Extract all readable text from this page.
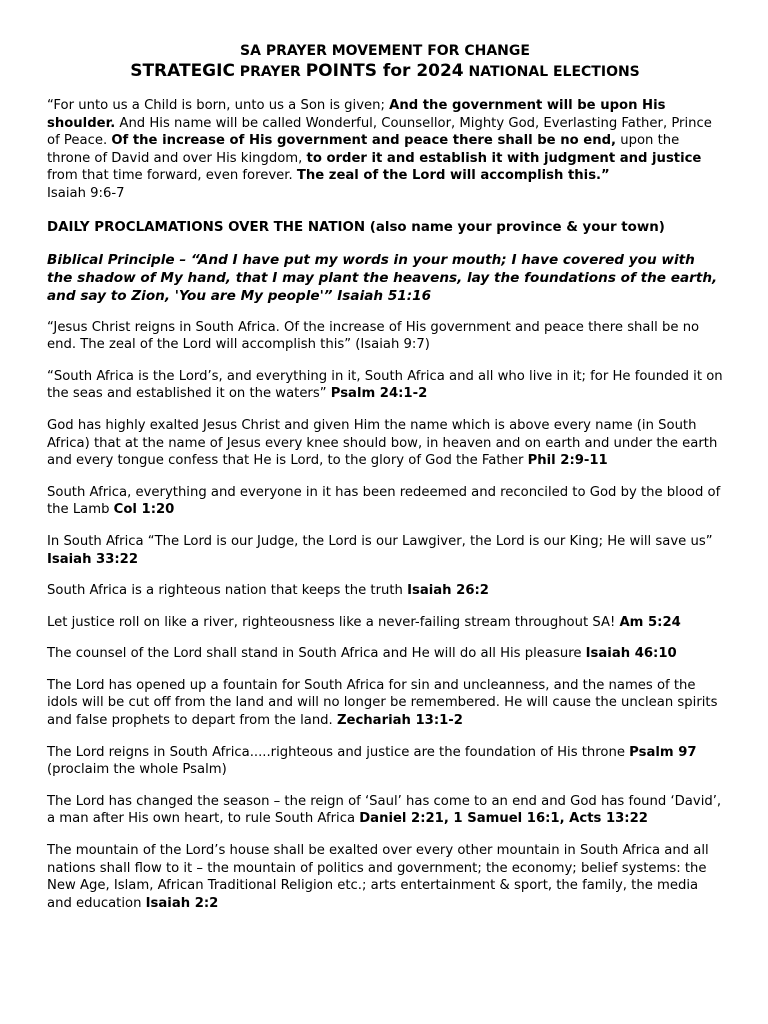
SA PRAYER MOVEMENT FOR CHANGE
STRATEGIC PRAYER POINTS for 2024 NATIONAL ELECTIONS

“For unto us a Child is born, unto us a Son is given; And the government will be upon His shoulder. And His name will be called Wonderful, Counsellor, Mighty God, Everlasting Father, Prince of Peace. Of the increase of His government and peace there shall be no end, upon the throne of David and over His kingdom, to order it and establish it with judgment and justice from that time forward, even forever. The zeal of the Lord will accomplish this.”
Isaiah 9:6-7

DAILY PROCLAMATIONS OVER THE NATION (also name your province & your town)
Biblical Principle – “And I have put my words in your mouth; I have covered you with the shadow of My hand, that I may plant the heavens, lay the foundations of the earth, and say to Zion, 'You are My people'” Isaiah 51:16

“Jesus Christ reigns in South Africa. Of the increase of His government and peace there shall be no end. The zeal of the Lord will accomplish this” (Isaiah 9:7)

“South Africa is the Lord’s, and everything in it, South Africa and all who live in it; for He founded it on the seas and established it on the waters” Psalm 24:1-2

God has highly exalted Jesus Christ and given Him the name which is above every name (in South Africa) that at the name of Jesus every knee should bow, in heaven and on earth and under the earth and every tongue confess that He is Lord, to the glory of God the Father Phil 2:9-11

South Africa, everything and everyone in it has been redeemed and reconciled to God by the blood of the Lamb Col 1:20

In South Africa “The Lord is our Judge, the Lord is our Lawgiver, the Lord is our King; He will save us” Isaiah 33:22

South Africa is a righteous nation that keeps the truth Isaiah 26:2

Let justice roll on like a river, righteousness like a never-failing stream throughout SA! Am 5:24

The counsel of the Lord shall stand in South Africa and He will do all His pleasure Isaiah 46:10

The Lord has opened up a fountain for South Africa for sin and uncleanness, and the names of the idols will be cut off from the land and will no longer be remembered. He will cause the unclean spirits and false prophets to depart from the land. Zechariah 13:1-2

The Lord reigns in South Africa.....righteous and justice are the foundation of His throne Psalm 97 (proclaim the whole Psalm)

The Lord has changed the season – the reign of ‘Saul’ has come to an end and God has found ‘David’, a man after His own heart, to rule South Africa Daniel 2:21, 1 Samuel 16:1, Acts 13:22

The mountain of the Lord’s house shall be exalted over every other mountain in South Africa and all nations shall flow to it – the mountain of politics and government; the economy; belief systems: the New Age, Islam, African Traditional Religion etc.; arts entertainment & sport, the family, the media and education Isaiah 2:2
